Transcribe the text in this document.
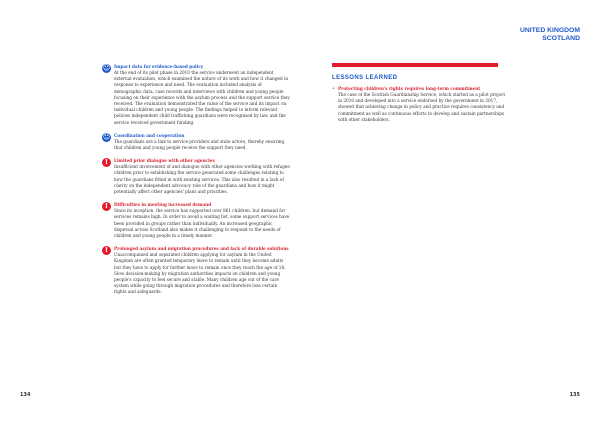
☺ Impact data for evidence-based policy
At the end of its pilot phase in 2010 the service underwent an independent external evaluation, which examined the nature of its work and how it changed in response to experience and need. The evaluation included analysis of demographic data, case records and interviews with children and young people focusing on their experience with the asylum process and the support service they received. The evaluation demonstrated the value of the service and its impact on individual children and young people. The findings helped to inform relevant policies independent child trafficking guardians were recognised by law, and the service received government funding.
☺ Coordination and cooperation
The guardians are a link to service providers and state actors, thereby ensuring that children and young people receive the support they need.
!	Limited prior dialogue with other agencies
Insufficient involvement of and dialogue with other agencies working with refugee children prior to establishing the service generated some challenges relating to how the guardians fitted in with existing services. This also resulted in a lack of clarity on the independent advocacy role of the guardians and how it might potentially affect other agencies' plans and priorities.
!	Difficulties in meeting increased demand
Since its inception, the service has supported over 861 children, but demand for services remains high. In order to avoid a waiting list, some support services have been provided in groups rather than individually. An increased geographic dispersal across Scotland also makes it challenging to respond to the needs of children and young people in a timely manner.
!	Prolonged asylum and migration procedures and lack of durable solutions
Unaccompanied and separated children applying for asylum in the United Kingdom are often granted temporary leave to remain until they become adults but they have to apply for further leave to remain once they reach the age of 18. Slow decision-making by migration authorities impacts on children and young people's capacity to feel secure and stable. Many children age out of the care system while going through migration procedures and therefore lose certain rights and safeguards.
134
UNITED KINGDOM
SCOTLAND
LESSONS LEARNED
• Protecting children's rights requires long-term commitment
The case of the Scottish Guardianship Service, which started as a pilot project in 2010 and developed into a service endorsed by the government in 2017, showed that achieving change in policy and practice requires consistency and commitment as well as continuous efforts to develop and sustain partnerships with other stakeholders.
135
